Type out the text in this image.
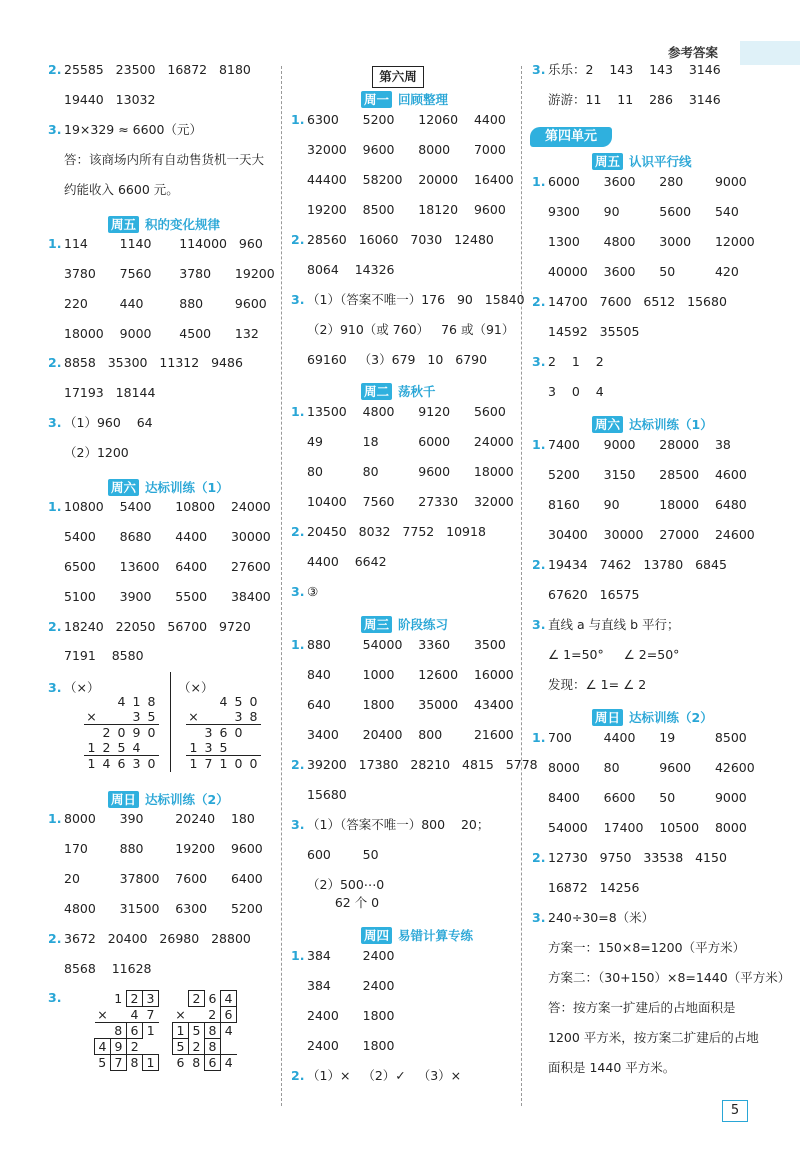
参考答案
2. 25585   23500   16872   8180
19440   13032
3. 19×329 ≈ 6600（元）
答：该商场内所有自动售货机一天大
约能收入 6600 元。
1. 114        1140       114000   960
3780      7560       3780      19200
220        440         880        9600
18000    9000       4500      132
2. 8858   35300   11312   9486
17193   18144
3. （1）960    64
（2）1200
1. 10800    5400      10800    24000
5400      8680      4400      30000
6500      13600    6400      27600
5100      3900      5500      38400
2. 18240   22050   56700   9720
7191    8580
3. （×）
1. 8000      390        20240    180
170        880        19200    9600
20          37800    7600      6400
4800      31500    6300      5200
2. 3672   20400   26980   28800
8568    11628
3.
周五 积的变化规律
周六 达标训练（1）
周日 达标训练（2）
1. 6300      5200      12060    4400
32000    9600      8000      7000
44400    58200    20000    16400
19200    8500      18120    9600
2. 28560   16060   7030   12480
8064    14326
3. （1）（答案不唯一）176   90   15840
（2）910（或 760）   76 或（91）
69160   （3）679   10   6790
1. 13500    4800      9120      5600
49          18          6000      24000
80          80          9600      18000
10400    7560      27330    32000
2. 20450   8032   7752   10918
4400    6642
3. ③
1. 880        54000    3360      3500
840        1000      12600    16000
640        1800      35000    43400
3400      20400    800        21600
2. 39200   17380   28210   4815   5778
15680
3. （1）（答案不唯一）800    20；
600        50
（2）500⋯0
62 个 0
1. 384        2400
384        2400
2400      1800
2400      1800
2. （1）×   （2）✓   （3）×
周一 回顾整理
周二 荡秋千
周三 阶段练习
周四 易错计算专练
3. 乐乐：2    143    143    3146
游游：11    11    286    3146
1. 6000      3600      280        9000
9300      90          5600      540
1300      4800      3000      12000
40000    3600      50          420
2. 14700   7600   6512   15680
14592   35505
3. 2    1    2
3    0    4
1. 7400      9000      28000    38
5200      3150      28500    4600
8160      90          18000    6480
30400    30000    27000    24600
2. 19434   7462   13780   6845
67620   16575
3. 直线 a 与直线 b 平行；
∠ 1=50°     ∠ 2=50°
发现：∠ 1= ∠ 2
1. 700        4400      19          8500
8000      80          9600      42600
8400      6600      50          9000
54000    17400    10500    8000
2. 12730   9750   33538   4150
16872   14256
3. 240÷30=8（米）
方案一：150×8=1200（平方米）
方案二：（30+150）×8=1440（平方米）
答：按方案一扩建后的占地面积是
1200 平方米，按方案二扩建后的占地
面积是 1440 平方米。
周五 认识平行线
周六 达标训练（1）
周日 达标训练（2）
第六周
第四单元
（×）
		4	1	8
×			3	5
	2	0	9	0
1	2	5	4	
1	4	6	3	0
		4	5	0
×			3	8
	3	6	0	
1	3	5		
1	7	1	0	0
	1	2	3
×		4	7
	8	6	1
4	9	2	
5	7	8	1
	2	6	4
×		2	6
1	5	8	4
5	2	8	
6	8	6	4
5
